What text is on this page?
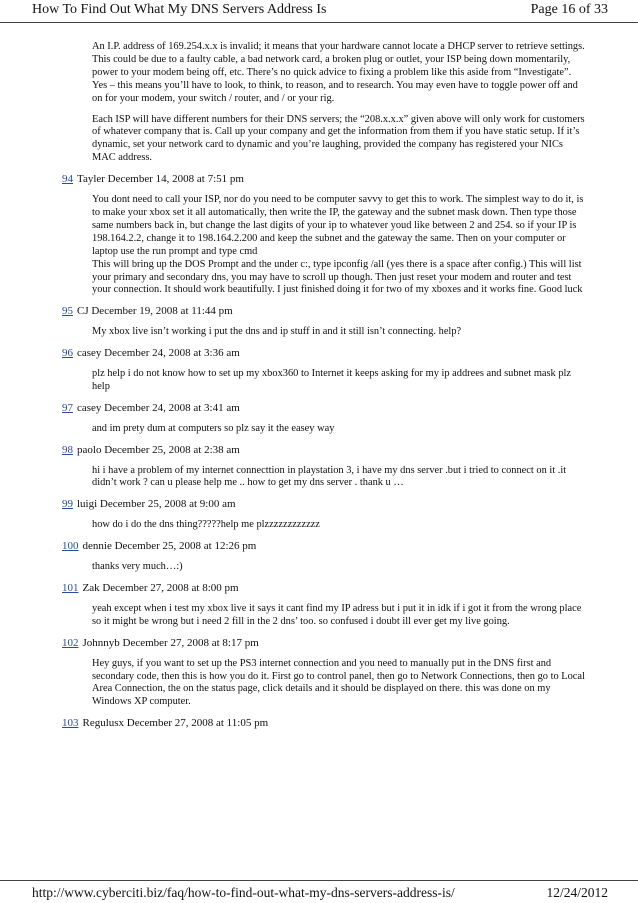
How To Find Out What My DNS Servers Address Is	Page 16 of 33

An I.P. address of 169.254.x.x is invalid; it means that your hardware cannot locate a DHCP server to retrieve settings. This could be due to a faulty cable, a bad network card, a broken plug or outlet, your ISP being down momentarily, power to your modem being off, etc. There’s no quick advice to fixing a problem like this aside from “Investigate”. Yes – this means you’ll have to look, to think, to reason, and to research. You may even have to toggle power off and on for your modem, your switch / router, and / or your rig.

Each ISP will have different numbers for their DNS servers; the “208.x.x.x” given above will only work for customers of whatever company that is. Call up your company and get the information from them if you have static setup. If it’s dynamic, set your network card to dynamic and you’re laughing, provided the company has registered your NICs MAC address.

94 Tayler December 14, 2008 at 7:51 pm

You dont need to call your ISP, nor do you need to be computer savvy to get this to work. The simplest way to do it, is to make your xbox set it all automatically, then write the IP, the gateway and the subnet mask down. Then type those same numbers back in, but change the last digits of your ip to whatever youd like between 2 and 254. so if your IP is 198.164.2.2, change it to 198.164.2.200 and keep the subnet and the gateway the same. Then on your computer or laptop use the run prompt and type cmd
This will bring up the DOS Prompt and the under c:, type ipconfig /all (yes there is a space after config.) This will list your primary and secondary dns, you may have to scroll up though. Then just reset your modem and router and test your connection. It should work beautifully. I just finished doing it for two of my xboxes and it works fine. Good luck

95 CJ December 19, 2008 at 11:44 pm

My xbox live isn’t working i put the dns and ip stuff in and it still isn’t connecting. help?

96 casey December 24, 2008 at 3:36 am

plz help i do not know how to set up my xbox360 to Internet it keeps asking for my ip addrees and subnet mask plz help

97 casey December 24, 2008 at 3:41 am

and im prety dum at computers so plz say it the easey way

98 paolo December 25, 2008 at 2:38 am

hi i have a problem of my internet connecttion in playstation 3, i have my dns server .but i tried to connect on it .it didn’t work ? can u please help me .. how to get my dns server . thank u …

99 luigi December 25, 2008 at 9:00 am

how do i do the dns thing?????help me plzzzzzzzzzzzz

100 dennie December 25, 2008 at 12:26 pm

thanks very much…:)

101 Zak December 27, 2008 at 8:00 pm

yeah except when i test my xbox live it says it cant find my IP adress but i put it in idk if i got it from the wrong place so it might be wrong but i need 2 fill in the 2 dns’ too. so confused i doubt ill ever get my live going.

102 Johnnyb December 27, 2008 at 8:17 pm

Hey guys, if you want to set up the PS3 internet connection and you need to manually put in the DNS first and secondary code, then this is how you do it. First go to control panel, then go to Network Connections, then go to Local Area Connection, the on the status page, click details and it should be displayed on there. this was done on my Windows XP computer.

103 Regulusx December 27, 2008 at 11:05 pm
http://www.cyberciti.biz/faq/how-to-find-out-what-my-dns-servers-address-is/	12/24/2012
